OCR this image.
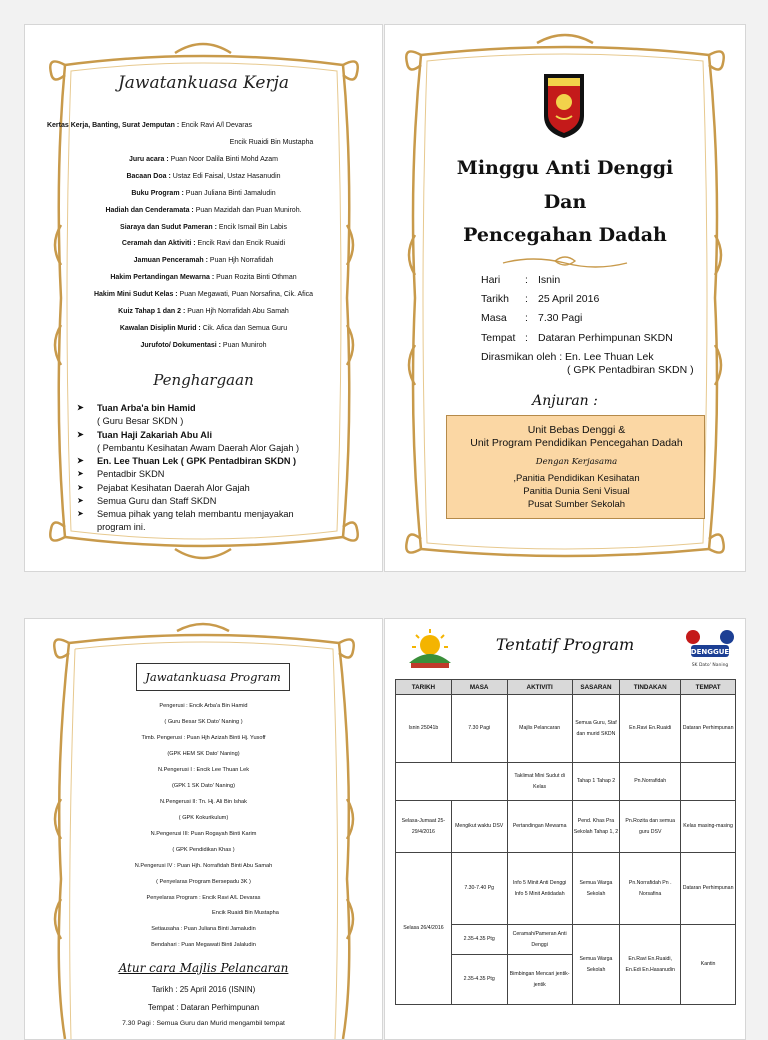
Jawatankuasa Kerja
Kertas Kerja, Banting, Surat Jemputan : Encik Ravi A/l Devaras
Encik Ruaidi Bin Mustapha
Juru acara : Puan Noor Dalila Binti Mohd Azam
Bacaan Doa : Ustaz Edi Faisal, Ustaz Hasanudin
Buku Program : Puan Juliana Binti Jamaludin
Hadiah dan Cenderamata : Puan Mazidah dan Puan Muniroh.
Siaraya dan Sudut Pameran : Encik Ismail Bin Labis
Ceramah dan Aktiviti : Encik Ravi dan Encik Ruaidi
Jamuan Penceramah : Puan Hjh Norrafidah
Hakim Pertandingan Mewarna : Puan Rozita Binti Othman
Hakim Mini Sudut Kelas : Puan Megawati, Puan Norsafina, Cik. Afica
Kuiz Tahap 1 dan 2 : Puan Hjh Norrafidah Abu Samah
Kawalan Disiplin Murid : Cik. Afica dan Semua Guru
Jurufoto/ Dokumentasi : Puan Muniroh
Penghargaan
➤ Tuan Arba'a bin Hamid
( Guru Besar SKDN )
➤ Tuan Haji Zakariah Abu Ali
( Pembantu Kesihatan Awam Daerah Alor Gajah )
➤ En. Lee Thuan Lek ( GPK Pentadbiran SKDN )
➤ Pentadbir SKDN
➤ Pejabat Kesihatan Daerah Alor Gajah
➤ Semua Guru dan Staff SKDN
➤ Semua pihak yang telah membantu menjayakan
program ini.
Minggu Anti Denggi
Dan
Pencegahan Dadah
Hari : Isnin
Tarikh : 25 April 2016
Masa : 7.30 Pagi
Tempat : Dataran Perhimpunan SKDN
Dirasmikan oleh : En. Lee Thuan Lek
( GPK Pentadbiran SKDN )
Anjuran :
Unit Bebas Denggi &
Unit Program Pendidikan Pencegahan Dadah
Dengan Kerjasama
,Panitia Pendidikan Kesihatan
Panitia Dunia Seni Visual
Pusat Sumber Sekolah
Jawatankuasa Program
Pengerusi : Encik Arba'a Bin Hamid
( Guru Besar SK Dato' Naning )
Timb. Pengerusi : Puan Hjh Azizah Binti Hj. Yusoff
(GPK HEM SK Dato' Naning)
N.Pengerusi I : Encik Lee Thuan Lek
(GPK 1 SK Dato' Naning)
N.Pengerusi II: Tn. Hj. Ali Bin Ishak
( GPK Kokurikulum)
N.Pengerusi III: Puan Rogayah Binti Karim
( GPK Pendidikan Khas )
N.Pengerusi IV : Puan Hjh. Norrafidah Binti Abu Samah
( Penyelaras Program Bersepadu 3K )
Penyelaras Program : Encik Ravi A/L Devaras
Encik Ruaidi Bin Mustapha
Setiausaha : Puan Juliana Binti Jamaludin
Bendahari : Puan Megawati Binti Jalaludin
Atur cara Majlis Pelancaran
Tarikh : 25 April 2016 (ISNIN)
Tempat : Dataran Perhimpunan
7.30 Pagi : Semua Guru dan Murid mengambil tempat
Tentatif Program	DENGGUE
SK Dato' Naning
TARIKH	MASA	AKTIVITI	SASARAN	TINDAKAN	TEMPAT
Isnin 25041b	7.30 Pagi	Majlis Pelancaran	Semua Guru, Staf dan murid SKDN	En.Ravi En.Ruaidi	Dataran Perhimpunan
		Taklimat Mini Sudut di Kelas	Tahap 1 Tahap 2	Pn.Norrafidah	
Selasa-Jumaat 25-29/4/2016	Mengikut waktu DSV	Pertandingan Mewarna	Pend. Khas Pra Sekolah Tahap 1, 2	Pn.Rozita dan semua guru DSV	Kelas masing-masing
Selasa 26/4/2016	7.30-7.40 Pg	Info 5 Minit Anti Denggi Info 5 Minit Antidadah	Semua Warga Sekolah	Pn.Norrafidah Pn . Norsafina	Dataran Perhimpunan
	2.35-4.35 Ptg	Ceramah/Pameran Anti Denggi	Semua Warga Sekolah	En.Ravi En.Ruaidi, En.Edi En.Hasanudin	Kantin
	2.35-4.35 Ptg	Bimbingan Mencari jentik-jentik			
